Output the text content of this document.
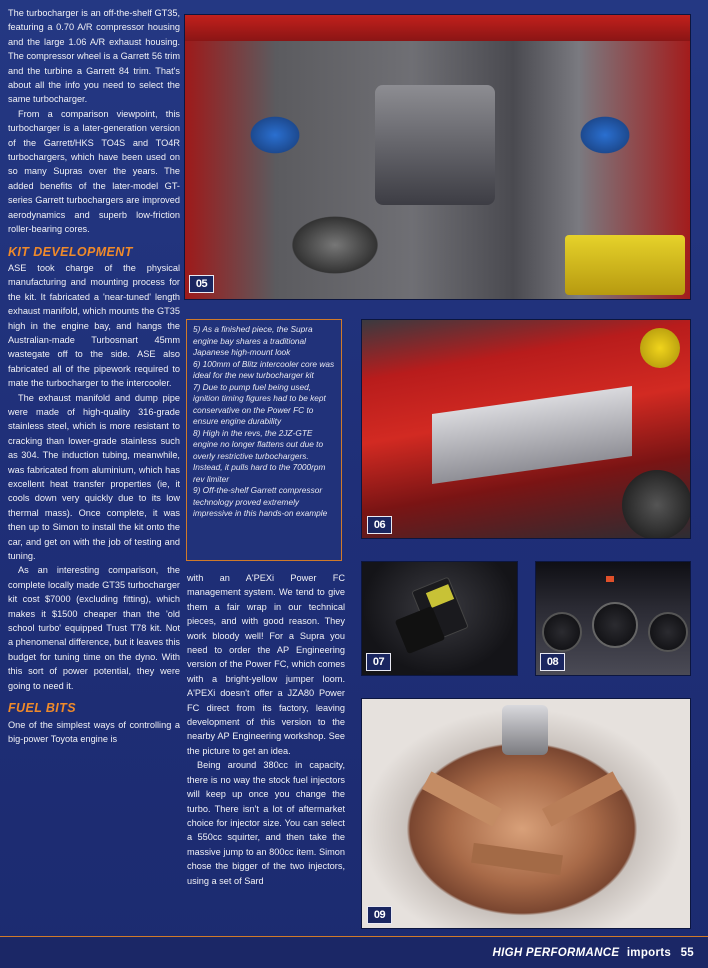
The turbocharger is an off-the-shelf GT35, featuring a 0.70 A/R compressor housing and the large 1.06 A/R exhaust housing. The compressor wheel is a Garrett 56 trim and the turbine a Garrett 84 trim. That's about all the info you need to select the same turbocharger.

From a comparison viewpoint, this turbocharger is a later-generation version of the Garrett/HKS TO4S and TO4R turbochargers, which have been used on so many Supras over the years. The added benefits of the later-model GT-series Garrett turbochargers are improved aerodynamics and superb low-friction roller-bearing cores.

KIT DEVELOPMENT

ASE took charge of the physical manufacturing and mounting process for the kit. It fabricated a 'near-tuned' length exhaust manifold, which mounts the GT35 high in the engine bay, and hangs the Australian-made Turbosmart 45mm wastegate off to the side. ASE also fabricated all of the pipework required to mate the turbocharger to the intercooler.

The exhaust manifold and dump pipe were made of high-quality 316-grade stainless steel, which is more resistant to cracking than lower-grade stainless such as 304. The induction tubing, meanwhile, was fabricated from aluminium, which has excellent heat transfer properties (ie, it cools down very quickly due to its low thermal mass). Once complete, it was then up to Simon to install the kit onto the car, and get on with the job of testing and tuning.

As an interesting comparison, the complete locally made GT35 turbocharger kit cost $7000 (excluding fitting), which makes it $1500 cheaper than the 'old school turbo' equipped Trust T78 kit. Not a phenomenal difference, but it leaves this budget for tuning time on the dyno. With this sort of power potential, they were going to need it.

FUEL BITS

One of the simplest ways of controlling a big-power Toyota engine is

05

5) As a finished piece, the Supra engine bay shares a traditional Japanese high-mount look

6) 100mm of Blitz intercooler core was ideal for the new turbocharger kit

7) Due to pump fuel being used, ignition timing figures had to be kept conservative on the Power FC to ensure engine durability

8) High in the revs, the 2JZ-GTE engine no longer flattens out due to overly restrictive turbochargers. Instead, it pulls hard to the 7000rpm rev limiter

9) Off-the-shelf Garrett compressor technology proved extremely impressive in this hands-on example

06
07	08
09

with an A'PEXi Power FC management system. We tend to give them a fair wrap in our technical pieces, and with good reason. They work bloody well! For a Supra you need to order the AP Engineering version of the Power FC, which comes with a bright-yellow jumper loom. A'PEXi doesn't offer a JZA80 Power FC direct from its factory, leaving development of this version to the nearby AP Engineering workshop. See the picture to get an idea.

Being around 380cc in capacity, there is no way the stock fuel injectors will keep up once you change the turbo. There isn't a lot of aftermarket choice for injector size. You can select a 550cc squirter, and then take the massive jump to an 800cc item. Simon chose the bigger of the two injectors, using a set of Sard

HIGH PERFORMANCE imports 55
